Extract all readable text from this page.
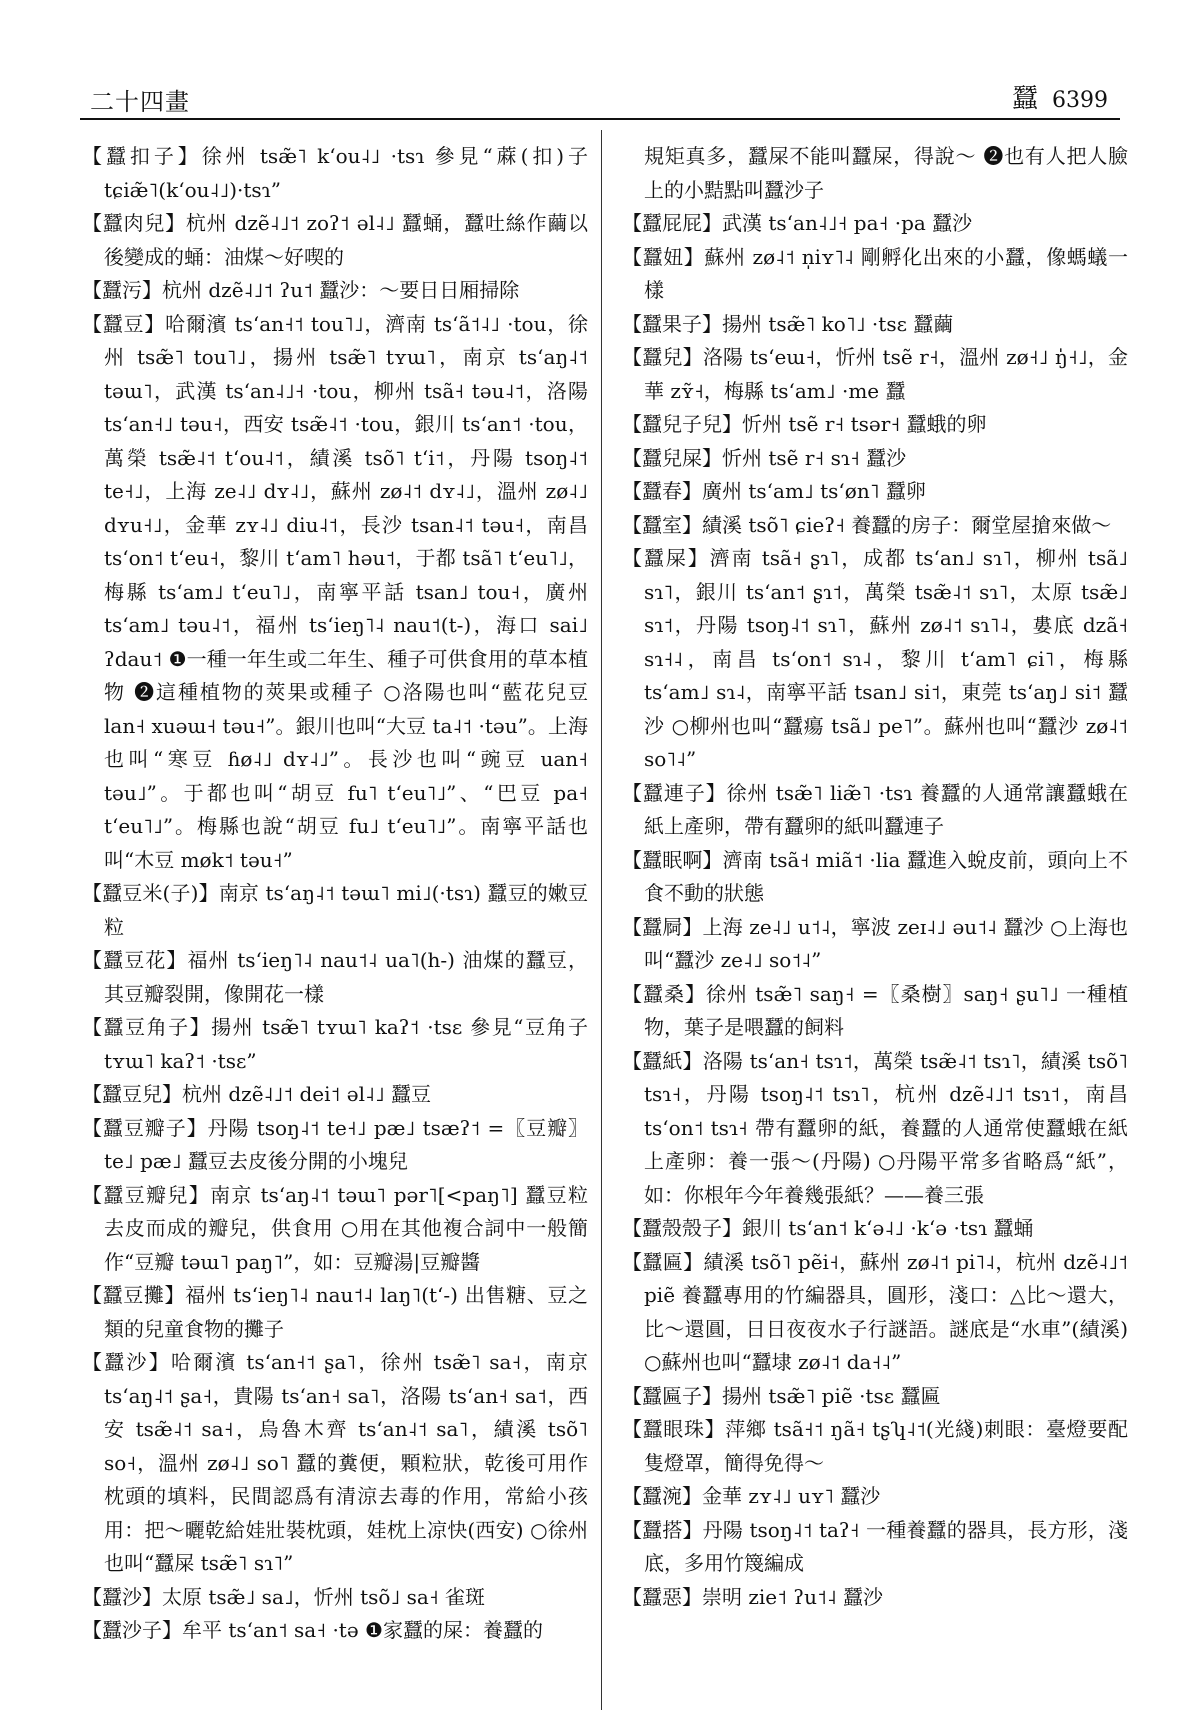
二十四畫	蠶 6399

【蠶扣子】徐州 tsæ̃˥ kʻou˨˩ ·tsɿ 參見“蔴(扣)子 tɕiæ̃˥(kʻou˨˩)·tsɿ”

【蠶肉兒】杭州 dzẽ˨˩˦ zoʔ˦ əl˨˩ 蠶蛹，蠶吐絲作繭以後變成的蛹：油煤～好喫的

【蠶污】杭州 dzẽ˨˩˦ ʔu˦ 蠶沙：～要日日厢掃除

【蠶豆】哈爾濱 tsʻan˧˦ tou˥˩，濟南 tsʻã˦˨˩ ·tou，徐州 tsæ̃˥ tou˥˩，揚州 tsæ̃˥ tʏɯ˥，南京 tsʻaŋ˨˦ təɯ˥，武漢 tsʻan˨˩˧ ·tou，柳州 tsã˧ təu˨˦，洛陽 tsʻan˧˩ təu˧，西安 tsæ̃˨˦ ·tou，銀川 tsʻan˦ ·tou，萬榮 tsæ̃˨˦ tʻou˨˦，績溪 tsõ˥ tʻi˦，丹陽 tsoŋ˨˦ te˧˩，上海 ze˨˩ dʏ˨˩，蘇州 zø˨˦ dʏ˨˩，溫州 zø˨˩ dʏu˧˩，金華 zʏ˨˩ diu˨˦，長沙 tsan˨˦ təu˧，南昌 tsʻon˦ tʻeu˧，黎川 tʻam˥ həu˦，于都 tsã˥ tʻeu˥˩，梅縣 tsʻam˩ tʻeu˥˩，南寧平話 tsan˩ tou˧，廣州 tsʻam˩ təu˨˦，福州 tsʻieŋ˥˨ nau˦(t-)，海口 sai˩ ʔdau˦ ❶一種一年生或二年生、種子可供食用的草本植物 ❷這種植物的莢果或種子 ○洛陽也叫“藍花兒豆 lan˧ xuəɯ˧ təu˧”。銀川也叫“大豆 ta˨˦ ·təu”。上海也叫“寒豆 ɦø˨˩ dʏ˨˩”。長沙也叫“豌豆 uan˧ təu˩”。于都也叫“胡豆 fu˥ tʻeu˥˩”、“巴豆 pa˧ tʻeu˥˩”。梅縣也說“胡豆 fu˩ tʻeu˥˩”。南寧平話也叫“木豆 møk˦ təu˧”

【蠶豆米(子)】南京 tsʻaŋ˨˦ təɯ˥ mi˩(·tsɿ) 蠶豆的嫩豆粒

【蠶豆花】福州 tsʻieŋ˥˨ nau˦˨ ua˥(h-) 油煤的蠶豆，其豆瓣裂開，像開花一樣

【蠶豆角子】揚州 tsæ̃˥ tʏɯ˥ kaʔ˦ ·tsɛ 參見“豆角子 tʏɯ˥ kaʔ˦ ·tsɛ”

【蠶豆兒】杭州 dzẽ˨˩˦ dei˦ əl˨˩ 蠶豆

【蠶豆瓣子】丹陽 tsoŋ˨˦ te˧˩ pæ˩ tsæʔ˦ =〖豆瓣〗te˩ pæ˩ 蠶豆去皮後分開的小塊兒

【蠶豆瓣兒】南京 tsʻaŋ˨˦ təɯ˥ pər˥[<paŋ˥] 蠶豆粒去皮而成的瓣兒，供食用 ○用在其他複合詞中一般簡作“豆瓣 təɯ˥ paŋ˥”，如：豆瓣湯|豆瓣醬

【蠶豆攤】福州 tsʻieŋ˥˨ nau˦˨ laŋ˥(tʻ-) 出售糖、豆之類的兒童食物的攤子

【蠶沙】哈爾濱 tsʻan˧˦ ʂa˥，徐州 tsæ̃˥ sa˧，南京 tsʻaŋ˨˦ ʂa˧，貴陽 tsʻan˧ sa˥，洛陽 tsʻan˧ sa˦，西安 tsæ̃˨˦ sa˧，烏魯木齊 tsʻan˨˦ sa˥，績溪 tsõ˥ so˧，溫州 zø˨˩ so˥ 蠶的糞便，顆粒狀，乾後可用作枕頭的填料，民間認爲有清涼去毒的作用，常給小孩用：把～曬乾給娃壯裝枕頭，娃枕上凉快(西安) ○徐州也叫“蠶屎 tsæ̃˥ sɿ˥”

【蠶沙】太原 tsæ̃˩ sa˩，忻州 tsõ˩ sa˧ 雀斑

【蠶沙子】牟平 tsʻan˦ sa˧ ·tə ❶家蠶的屎：養蠶的

規矩真多，蠶屎不能叫蠶屎，得說～ ❷也有人把人臉上的小黠點叫蠶沙子

【蠶屁屁】武漢 tsʻan˨˩˧ pa˧ ·pa 蠶沙

【蠶妞】蘇州 zø˨˦ n̩iʏ˥˨ 剛孵化出來的小蠶，像螞蟻一樣

【蠶果子】揚州 tsæ̃˥ ko˥˩ ·tsɛ 蠶繭

【蠶兒】洛陽 tsʻeɯ˧，忻州 tsẽ r˧，溫州 zø˧˩ ŋ̍˧˩，金華 zʏ̃˧，梅縣 tsʻam˩ ·me 蠶

【蠶兒子兒】忻州 tsẽ r˧ tsər˧ 蠶蛾的卵

【蠶兒屎】忻州 tsẽ r˧ sɿ˧ 蠶沙

【蠶春】廣州 tsʻam˩ tsʻøn˥ 蠶卵

【蠶室】績溪 tsõ˥ ɕieʔ˧ 養蠶的房子：爾堂屋搶來做～

【蠶屎】濟南 tsã˧ ʂɿ˥，成都 tsʻan˩ sɿ˥，柳州 tsã˩ sɿ˥，銀川 tsʻan˦ ʂɿ˦，萬榮 tsæ̃˨˦ sɿ˥，太原 tsæ̃˩ sɿ˦，丹陽 tsoŋ˨˦ sɿ˥，蘇州 zø˨˦ sɿ˥˨，婁底 dzã˧ sɿ˧˨，南昌 tsʻon˦ sɿ˨，黎川 tʻam˥ ɕi˥，梅縣 tsʻam˩ sɿ˨，南寧平話 tsan˩ si˦，東莞 tsʻaŋ˩ si˦ 蠶沙 ○柳州也叫“蠶瘍 tsã˩ pe˥”。蘇州也叫“蠶沙 zø˨˦ so˥˨”

【蠶連子】徐州 tsæ̃˥ liæ̃˥ ·tsɿ 養蠶的人通常讓蠶蛾在紙上產卵，帶有蠶卵的紙叫蠶連子

【蠶眠啊】濟南 tsã˧ miã˦ ·lia 蠶進入蛻皮前，頭向上不食不動的狀態

【蠶屙】上海 ze˨˩ u˦˨，寧波 zeɪ˨˩ əu˦˨ 蠶沙 ○上海也叫“蠶沙 ze˨˩ so˦˨”

【蠶桑】徐州 tsæ̃˥ saŋ˧ =〖桑樹〗saŋ˧ ʂu˥˩ 一種植物，葉子是喂蠶的飼料

【蠶紙】洛陽 tsʻan˧ tsɿ˦，萬榮 tsæ̃˨˦ tsɿ˥，績溪 tsõ˥ tsɿ˧，丹陽 tsoŋ˨˦ tsɿ˥，杭州 dzẽ˨˩˦ tsɿ˦，南昌 tsʻon˦ tsɿ˧ 帶有蠶卵的紙，養蠶的人通常使蠶蛾在紙上產卵：養一張～(丹陽) ○丹陽平常多省略爲“紙”，如：你根年今年養幾張紙？——養三張

【蠶殼殼子】銀川 tsʻan˦ kʻə˨˩ ·kʻə ·tsɿ 蠶蛹

【蠶匾】績溪 tsõ˥ pẽi˧，蘇州 zø˨˦ pi˥˨，杭州 dzẽ˨˩˦ piẽ 養蠶專用的竹編器具，圓形，淺口：△比～還大，比～還圓，日日夜夜水子行謎語。謎底是“水車”(績溪) ○蘇州也叫“蠶埭 zø˨˦ da˧˨”

【蠶匾子】揚州 tsæ̃˥ piẽ ·tsɛ 蠶匾

【蠶眼珠】萍鄉 tsã˧˦ ŋã˧ tʂʮ˨˦(光綫)刺眼：臺燈要配隻燈罩，簡得免得～

【蠶涴】金華 zʏ˨˩ uʏ˥ 蠶沙

【蠶搭】丹陽 tsoŋ˨˦ taʔ˧ 一種養蠶的器具，長方形，淺底，多用竹篾編成

【蠶惡】崇明 zie˦ ʔu˦˨ 蠶沙
